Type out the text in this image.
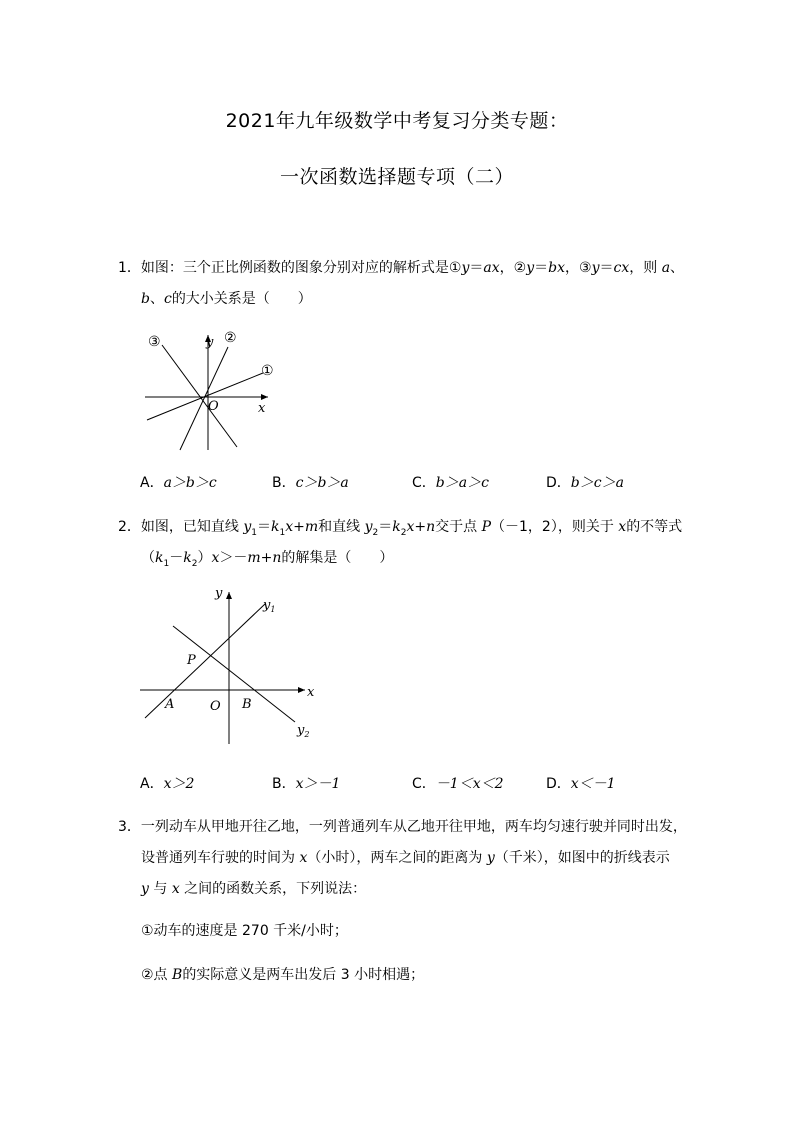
2021年九年级数学中考复习分类专题：
一次函数选择题专项（二）
1．如图：三个正比例函数的图象分别对应的解析式是①y＝ax，②y＝bx，③y＝cx，则 a、
b、c的大小关系是（　　）
③	②
①
y
x
O
A．a＞b＞c	B．c＞b＞a	C．b＞a＞c	D．b＞c＞a
2．如图，已知直线 $y_1=k_1x+m$和直线 $y_2=k_2x+n$交于点 P（－1，2），则关于 x的不等式
$(k_1-k_2)x>-m+n$的解集是（　　）
y
x
$y_1$
$y_2$
P
A	O B
A．x＞2	B．x＞－1	C．－1＜x＜2	D．x＜－1
3．一列动车从甲地开往乙地，一列普通列车从乙地开往甲地，两车均匀速行驶并同时出发，
设普通列车行驶的时间为 x（小时），两车之间的距离为 y（千米），如图中的折线表示
y 与 x 之间的函数关系，下列说法：
①动车的速度是 270 千米/小时；
②点 B的实际意义是两车出发后 3 小时相遇；
